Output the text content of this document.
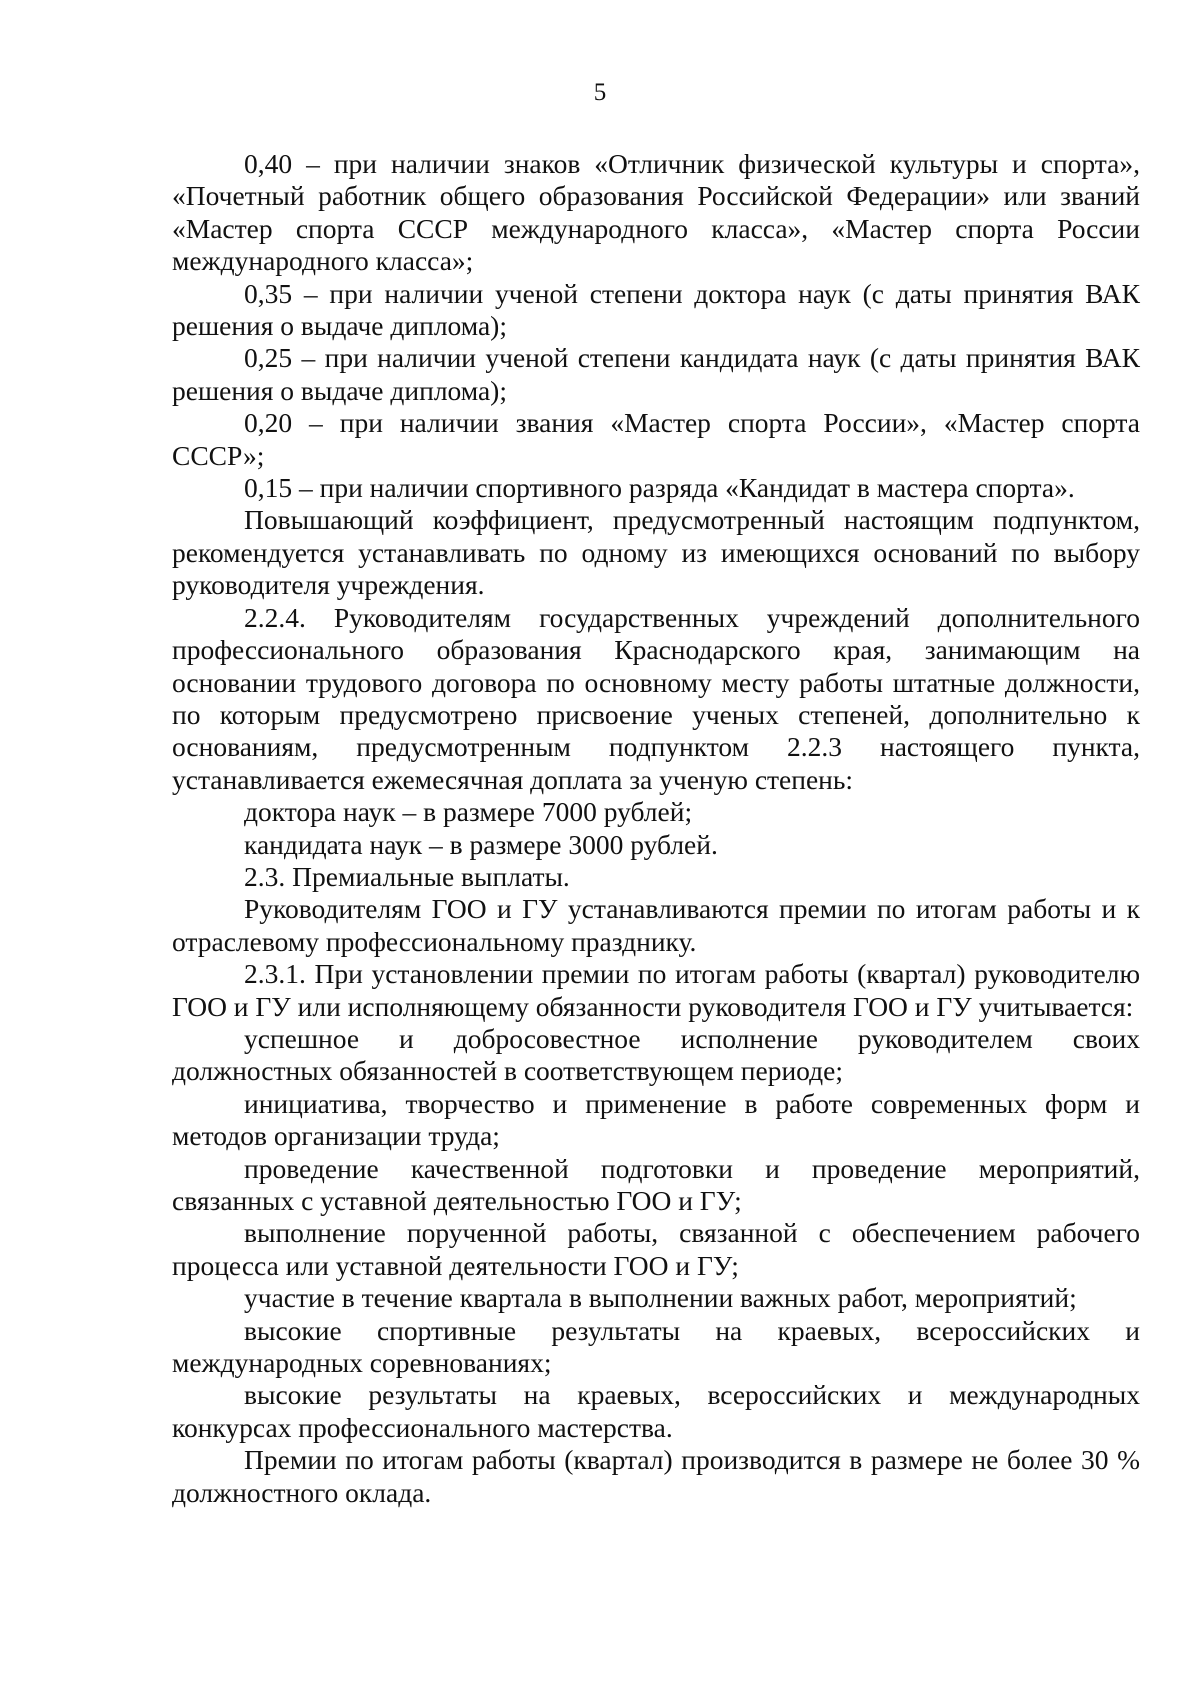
5

0,40 – при наличии знаков «Отличник физической культуры и спорта», «Почетный работник общего образования Российской Федерации» или званий «Мастер спорта СССР международного класса», «Мастер спорта России международного класса»;

0,35 – при наличии ученой степени доктора наук (с даты принятия ВАК решения о выдаче диплома);

0,25 – при наличии ученой степени кандидата наук (с даты принятия ВАК решения о выдаче диплома);

0,20 – при наличии звания «Мастер спорта России», «Мастер спорта СССР»;

0,15 – при наличии спортивного разряда «Кандидат в мастера спорта».

Повышающий коэффициент, предусмотренный настоящим подпунктом, рекомендуется устанавливать по одному из имеющихся оснований по выбору руководителя учреждения.

2.2.4. Руководителям государственных учреждений дополнительного профессионального образования Краснодарского края, занимающим на основании трудового договора по основному месту работы штатные должности, по которым предусмотрено присвоение ученых степеней, дополнительно к основаниям, предусмотренным подпунктом 2.2.3 настоящего пункта, устанавливается ежемесячная доплата за ученую степень:

доктора наук – в размере 7000 рублей;

кандидата наук – в размере 3000 рублей.

2.3. Премиальные выплаты.

Руководителям ГОО и ГУ устанавливаются премии по итогам работы и к отраслевому профессиональному празднику.

2.3.1. При установлении премии по итогам работы (квартал) руководителю ГОО и ГУ или исполняющему обязанности руководителя ГОО и ГУ учитывается:

успешное и добросовестное исполнение руководителем своих должностных обязанностей в соответствующем периоде;

инициатива, творчество и применение в работе современных форм и методов организации труда;

проведение качественной подготовки и проведение мероприятий, связанных с уставной деятельностью ГОО и ГУ;

выполнение порученной работы, связанной с обеспечением рабочего процесса или уставной деятельности ГОО и ГУ;

участие в течение квартала в выполнении важных работ, мероприятий;

высокие спортивные результаты на краевых, всероссийских и международных соревнованиях;

высокие результаты на краевых, всероссийских и международных конкурсах профессионального мастерства.

Премии по итогам работы (квартал) производится в размере не более 30 % должностного оклада.
